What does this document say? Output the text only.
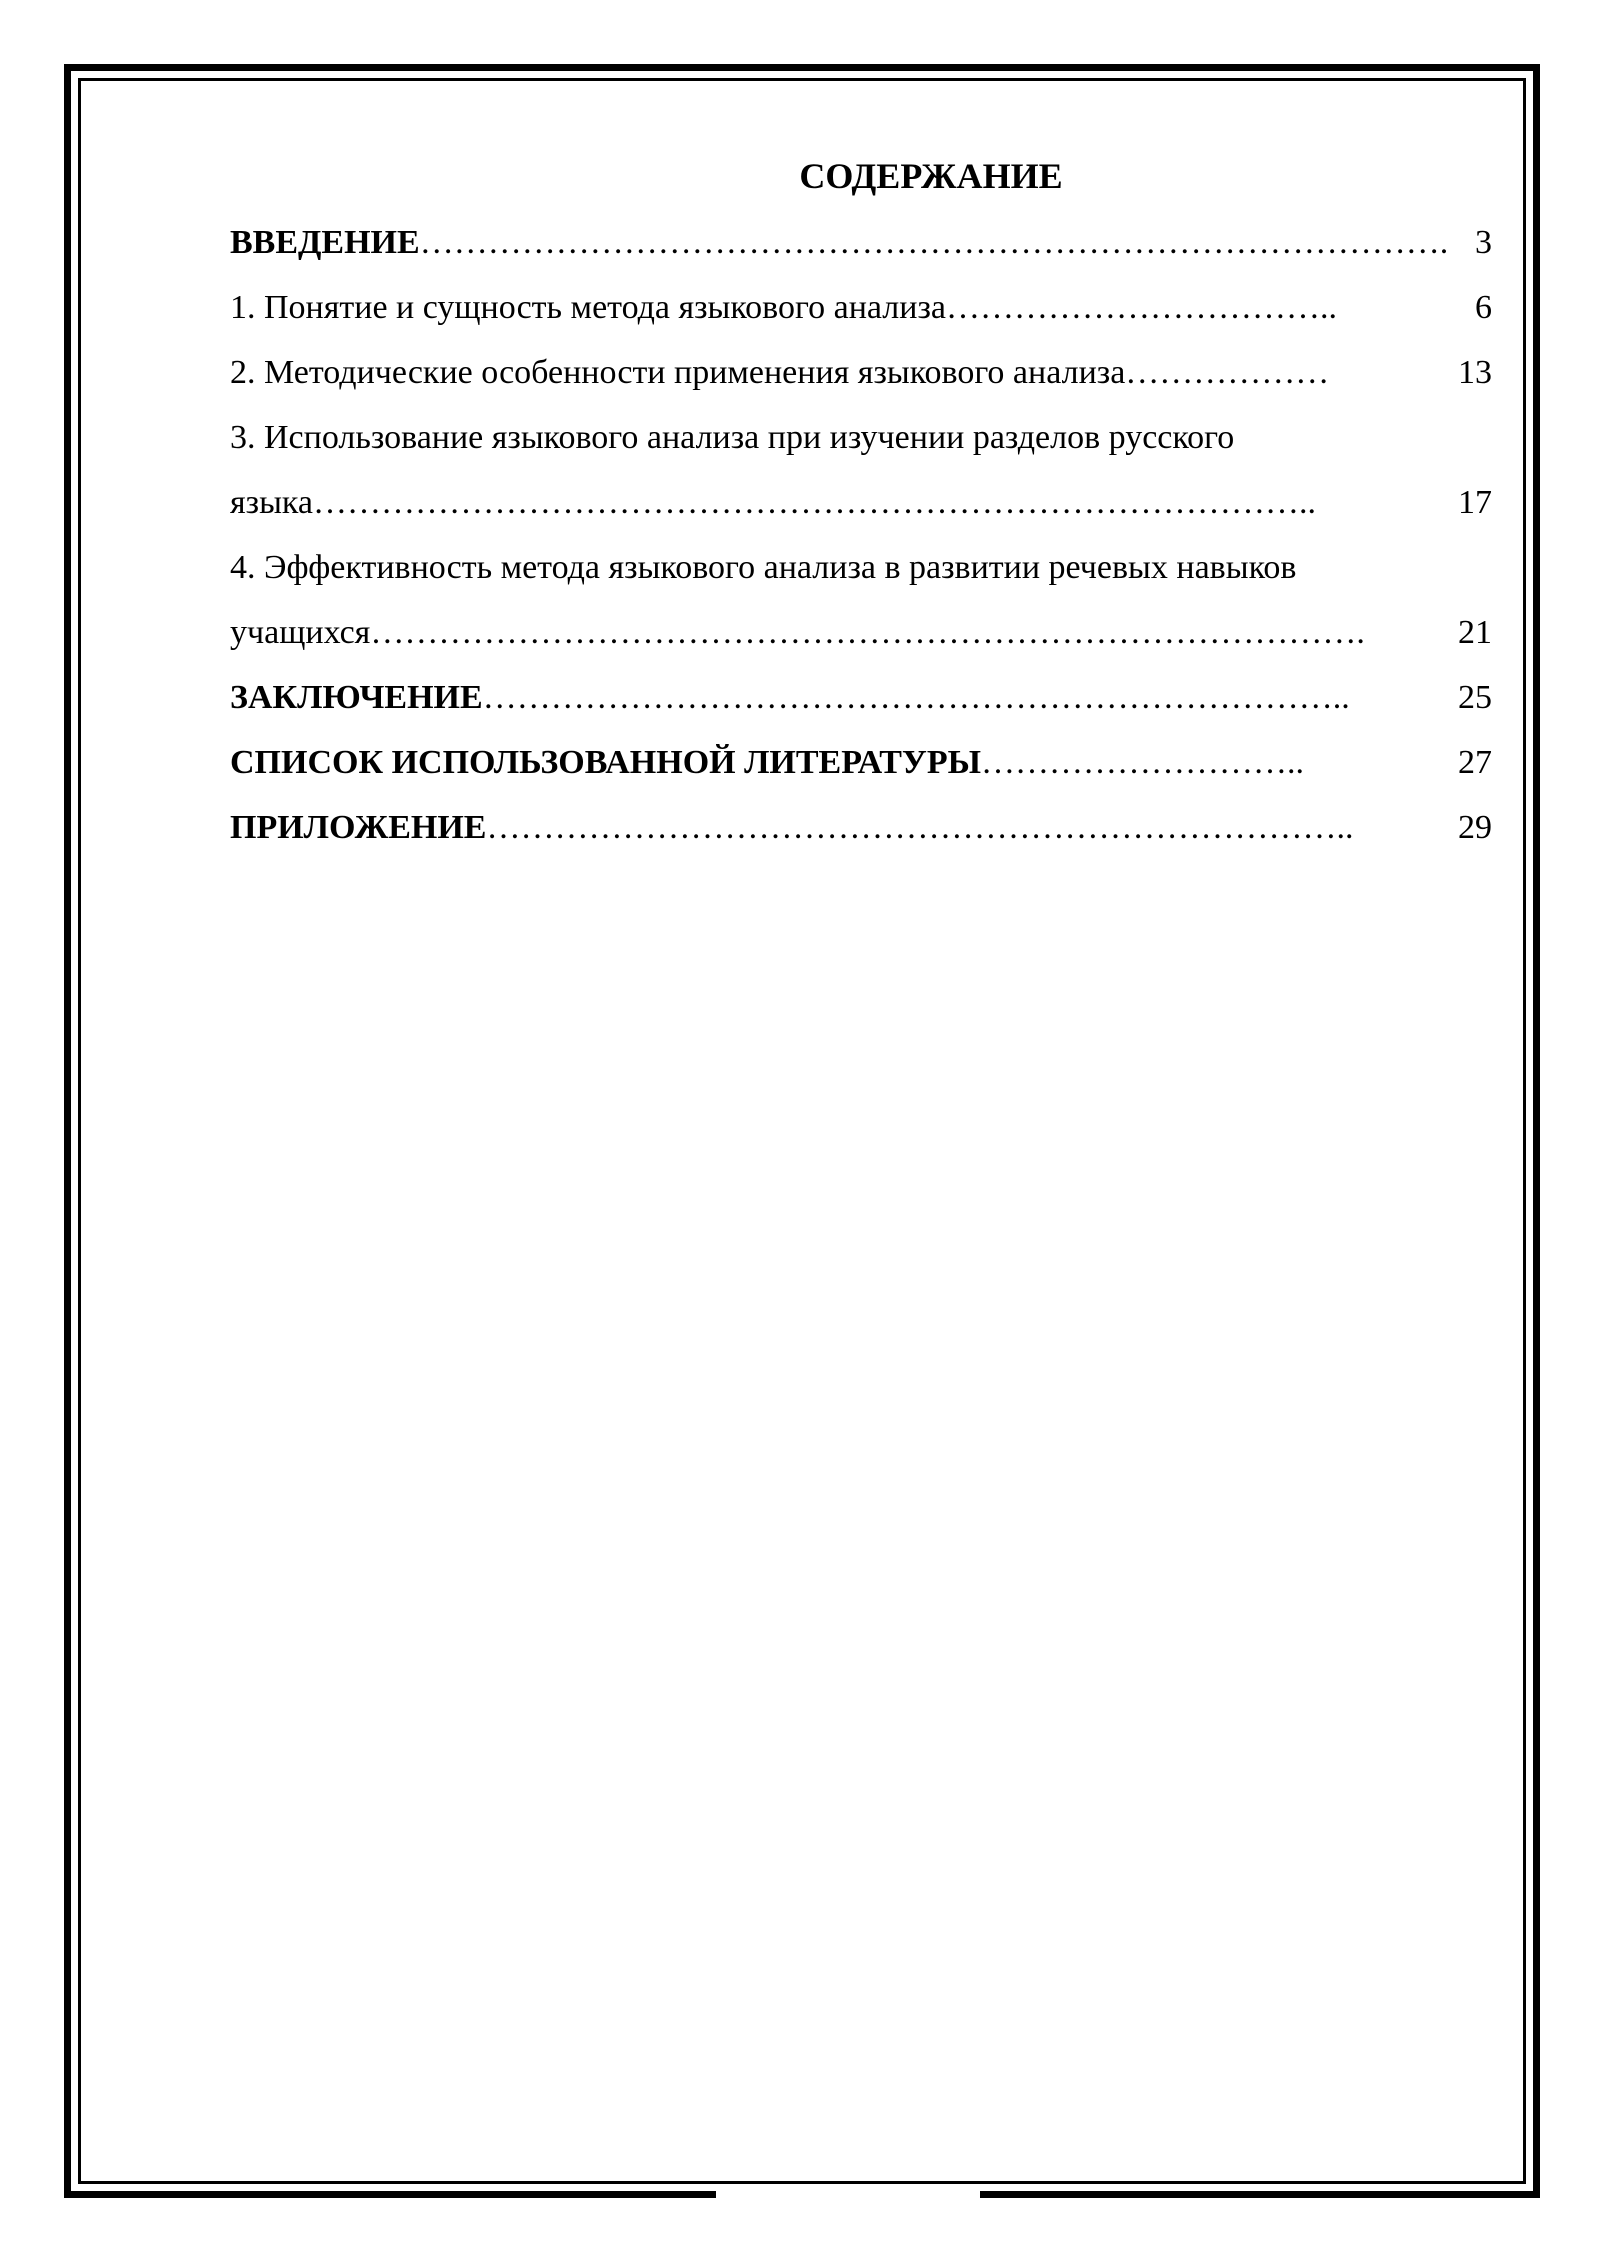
СОДЕРЖАНИЕ
ВВЕДЕНИЕ ………………………………………………………………………………. 3
1. Понятие и сущность метода языкового анализа ……………………………..	6
2. Методические особенности применения языкового анализа ………………	13
3. Использование языкового анализа при изучении разделов русского
языка ……………………………………………………………………………..	17
4. Эффективность метода языкового анализа в развитии речевых навыков
учащихся …………………………………………………………………………….	21
ЗАКЛЮЧЕНИЕ …………………………………………………………………..	25
СПИСОК ИСПОЛЬЗОВАННОЙ ЛИТЕРАТУРЫ ………………………..	27
ПРИЛОЖЕНИЕ …………………………………………………………………..	29
